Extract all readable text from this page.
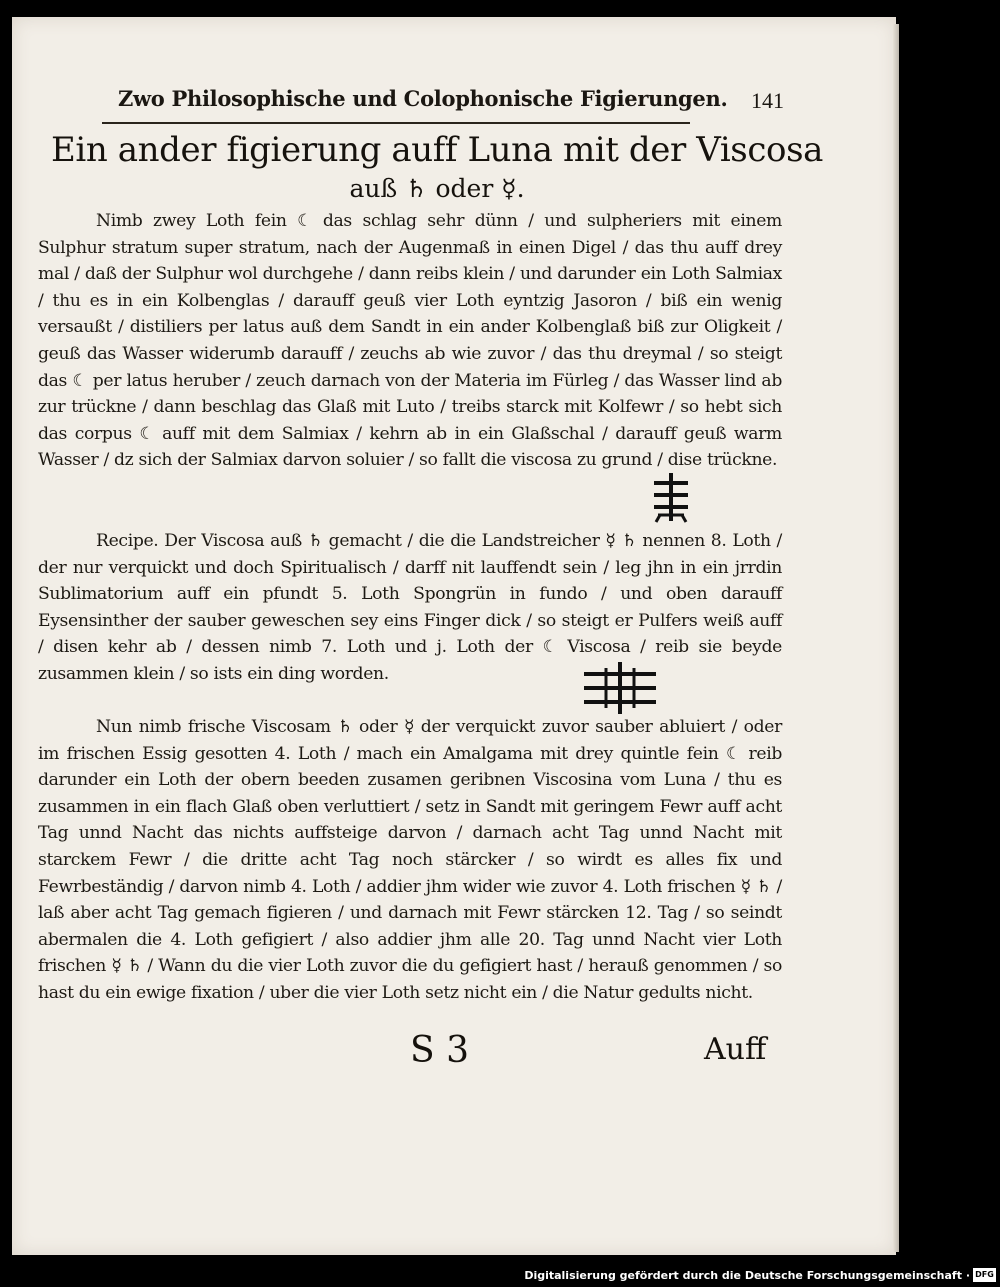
Zwo Philosophische und Colophonische Figierungen. 141
Ein ander figierung auff Luna mit der Viscosa
auß ♄ oder ☿.
Nimb zwey Loth fein ☾ das schlag sehr dünn / und sulpheriers mit einem Sulphur stratum super stratum, nach der Augenmaß in einen Digel / das thu auff drey mal / daß der Sulphur wol durchgehe / dann reibs klein / und darunder ein Loth Salmiax / thu es in ein Kolbenglas / darauff geuß vier Loth eyntzig Jasoron / biß ein wenig versaußt / distiliers per latus auß dem Sandt in ein ander Kolbenglaß biß zur Oligkeit / geuß das Wasser widerumb darauff / zeuchs ab wie zuvor / das thu dreymal / so steigt das ☾ per latus heruber / zeuch darnach von der Materia im Fürleg / das Wasser lind ab zur trückne / dann beschlag das Glaß mit Luto / treibs starck mit Kolfewr / so hebt sich das corpus ☾ auff mit dem Salmiax / kehrn ab in ein Glaßschal / darauff geuß warm Wasser / dz sich der Salmiax darvon soluier / so fallt die viscosa zu grund / dise trückne.
Recipe. Der Viscosa auß ♄ gemacht / die die Landstreicher ☿ ♄ nennen 8. Loth / der nur verquickt und doch Spiritualisch / darff nit lauffendt sein / leg jhn in ein jrrdin Sublimatorium auff ein pfundt 5. Loth Spongrün in fundo / und oben darauff Eysensinther der sauber geweschen sey eins Finger dick / so steigt er Pulfers weiß auff / disen kehr ab / dessen nimb 7. Loth und j. Loth der ☾ Viscosa / reib sie beyde zusammen klein / so ists ein ding worden.
Nun nimb frische Viscosam ♄ oder ☿ der verquickt zuvor sauber abluiert / oder im frischen Essig gesotten 4. Loth / mach ein Amalgama mit drey quintle fein ☾ reib darunder ein Loth der obern beeden zusamen geribnen Viscosina vom Luna / thu es zusammen in ein flach Glaß oben verluttiert / setz in Sandt mit geringem Fewr auff acht Tag unnd Nacht das nichts auffsteige darvon / darnach acht Tag unnd Nacht mit starckem Fewr / die dritte acht Tag noch stärcker / so wirdt es alles fix und Fewrbeständig / darvon nimb 4. Loth / addier jhm wider wie zuvor 4. Loth frischen ☿ ♄ / laß aber acht Tag gemach figieren / und darnach mit Fewr stärcken 12. Tag / so seindt abermalen die 4. Loth gefigiert / also addier jhm alle 20. Tag unnd Nacht vier Loth frischen ☿ ♄ / Wann du die vier Loth zuvor die du gefigiert hast / herauß genommen / so hast du ein ewige fixation / uber die vier Loth setz nicht ein / die Natur gedults nicht.
S 3	Auff
Digitalisierung gefördert durch die Deutsche Forschungsgemeinschaft · DFG
